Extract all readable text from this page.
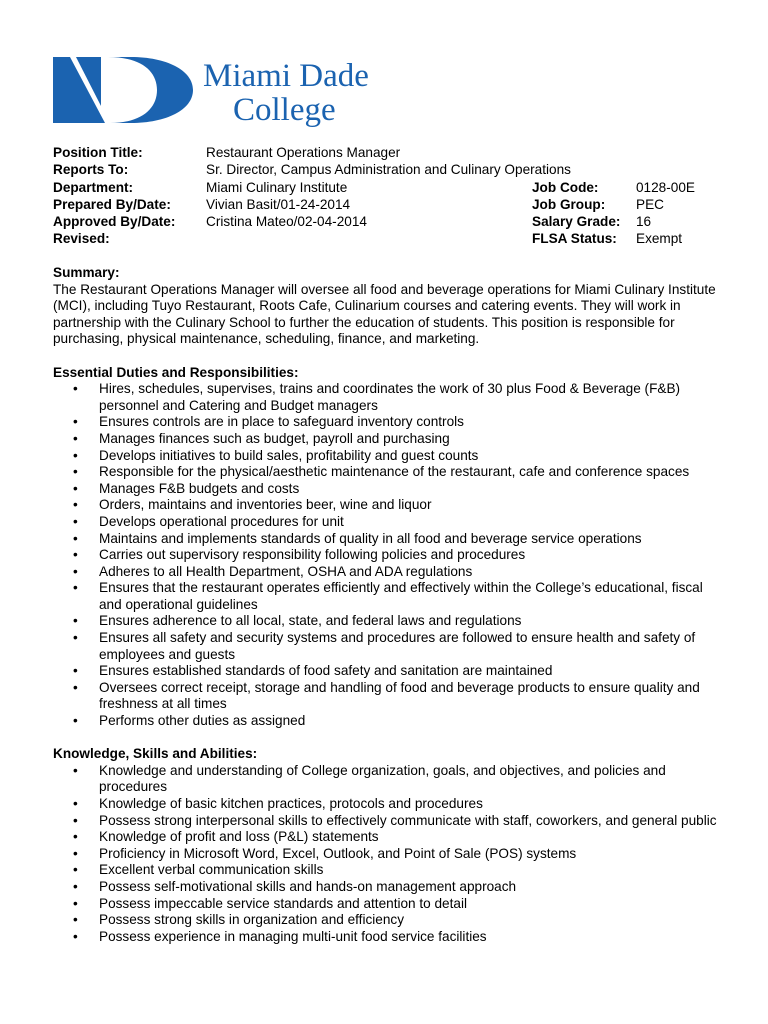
Miami Dade
College
Position Title:	Restaurant Operations Manager
Reports To:	Sr. Director, Campus Administration and Culinary Operations
Department:	Miami Culinary Institute	Job Code:	0128-00E
Prepared By/Date:	Vivian Basit/01-24-2014	Job Group: PEC
Approved By/Date: Cristina Mateo/02-04-2014	Salary Grade: 16
Revised:	FLSA Status: Exempt
Summary:

The Restaurant Operations Manager will oversee all food and beverage operations for Miami Culinary Institute (MCI), including Tuyo Restaurant, Roots Cafe, Culinarium courses and catering events. They will work in partnership with the Culinary School to further the education of students. This position is responsible for purchasing, physical maintenance, scheduling, finance, and marketing.

Essential Duties and Responsibilities:
• Hires, schedules, supervises, trains and coordinates the work of 30 plus Food & Beverage (F&B) personnel and Catering and Budget managers
• Ensures controls are in place to safeguard inventory controls
• Manages finances such as budget, payroll and purchasing
• Develops initiatives to build sales, profitability and guest counts
• Responsible for the physical/aesthetic maintenance of the restaurant, cafe and conference spaces
• Manages F&B budgets and costs
• Orders, maintains and inventories beer, wine and liquor
• Develops operational procedures for unit
• Maintains and implements standards of quality in all food and beverage service operations
• Carries out supervisory responsibility following policies and procedures
• Adheres to all Health Department, OSHA and ADA regulations
• Ensures that the restaurant operates efficiently and effectively within the College’s educational, fiscal and operational guidelines
• Ensures adherence to all local, state, and federal laws and regulations
• Ensures all safety and security systems and procedures are followed to ensure health and safety of employees and guests
• Ensures established standards of food safety and sanitation are maintained
• Oversees correct receipt, storage and handling of food and beverage products to ensure quality and freshness at all times
• Performs other duties as assigned
Knowledge, Skills and Abilities:
• Knowledge and understanding of College organization, goals, and objectives, and policies and procedures
• Knowledge of basic kitchen practices, protocols and procedures
• Possess strong interpersonal skills to effectively communicate with staff, coworkers, and general public
• Knowledge of profit and loss (P&L) statements
• Proficiency in Microsoft Word, Excel, Outlook, and Point of Sale (POS) systems
• Excellent verbal communication skills
• Possess self-motivational skills and hands-on management approach
• Possess impeccable service standards and attention to detail
• Possess strong skills in organization and efficiency
• Possess experience in managing multi-unit food service facilities
